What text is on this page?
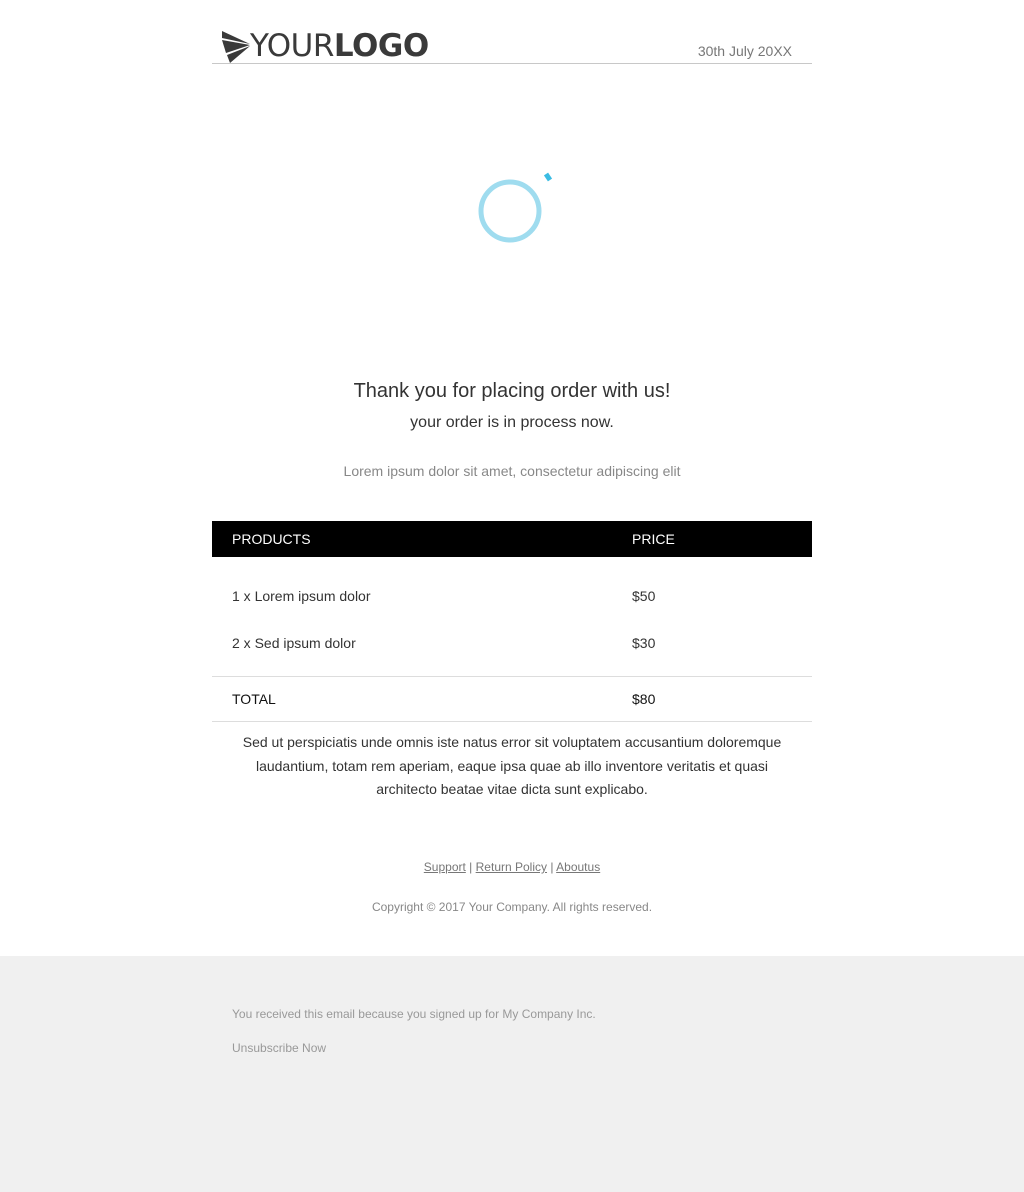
YOURLOGO	30th July 20XX
Thank you for placing order with us!
your order is in process now.
Lorem ipsum dolor sit amet, consectetur adipiscing elit
PRODUCTS	PRICE
1 x Lorem ipsum dolor	$50
2 x Sed ipsum dolor	$30
TOTAL	$80
Sed ut perspiciatis unde omnis iste natus error sit voluptatem accusantium doloremque laudantium, totam rem aperiam, eaque ipsa quae ab illo inventore veritatis et quasi architecto beatae vitae dicta sunt explicabo.
Support | Return Policy | Aboutus
Copyright © 2017 Your Company. All rights reserved.
You received this email because you signed up for My Company Inc.
Unsubscribe Now
